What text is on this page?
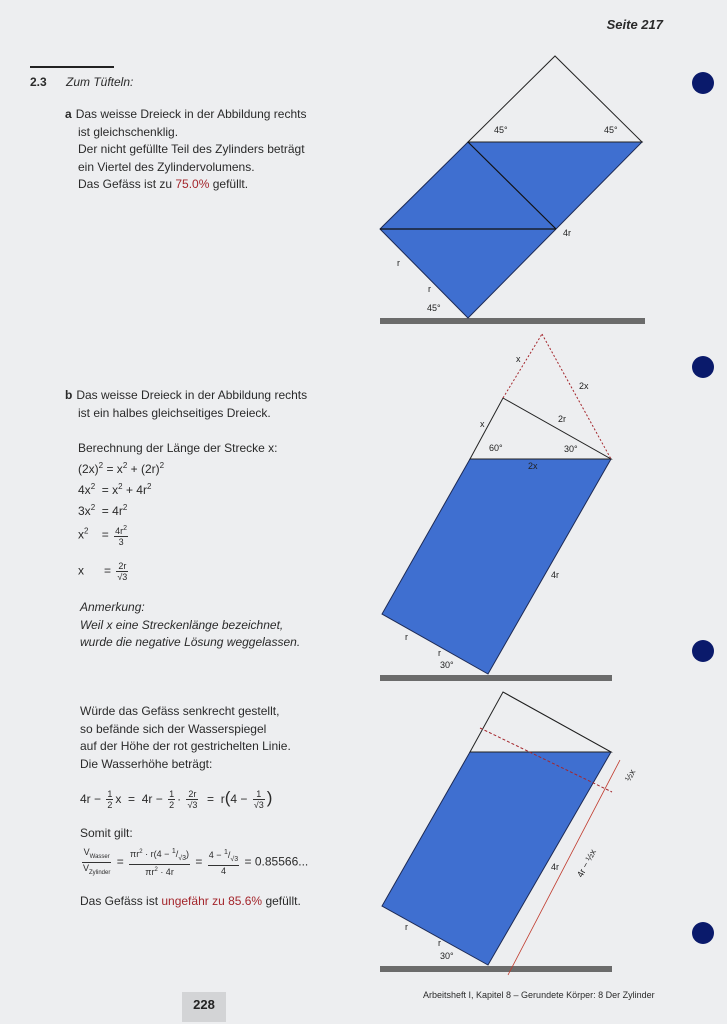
Seite 217
2.3 Zum Tüfteln:
a Das weisse Dreieck in der Abbildung rechts
ist gleichschenklig.
Der nicht gefüllte Teil des Zylinders beträgt
ein Viertel des Zylindervolumens.
Das Gefäss ist zu 75.0% gefüllt.
b Das weisse Dreieck in der Abbildung rechts
ist ein halbes gleichseitiges Dreieck.
Berechnung der Länge der Strecke x:
$(2x)^2 = x^2 + (2r)^2$
$4x^2 = x^2 + 4r^2$
$3x^2 = 4r^2$
$x^2$    = $\frac{4r^2}{3}$
x      = $\frac{2r}{√3}$
Anmerkung:
Weil x eine Streckenlänge bezeichnet,
wurde die negative Lösung weggelassen.
Würde das Gefäss senkrecht gestellt,
so befände sich der Wasserspiegel
auf der Höhe der rot gestrichelten Linie.
Die Wasserhöhe beträgt:
$4r - \frac{1}{2}$ $x = 4r - \frac{1}{2} \cdot \frac{2r}{√3} = r(4 - \frac{1}{√3}$ )
Somit gilt:
$\frac{V_{Wasser}}{V_{Zylinder}} = \frac{\pi r^2 \cdot r(4 - ^1/_{√3})}{\pi r^2 \cdot 4r} = \frac{4 - ^1/_{√3}}{4} = 0.85566$...
Das Gefäss ist ungefähr zu 85.6% gefüllt.
45°	45°
45°
4r
r
r
x
2x
2r
x
60°	30°
2x
4r
r
r
30°
½x
4r − ½x
4r
r
r
30°
228
Arbeitsheft I, Kapitel 8 – Gerundete Körper: 8 Der Zylinder
